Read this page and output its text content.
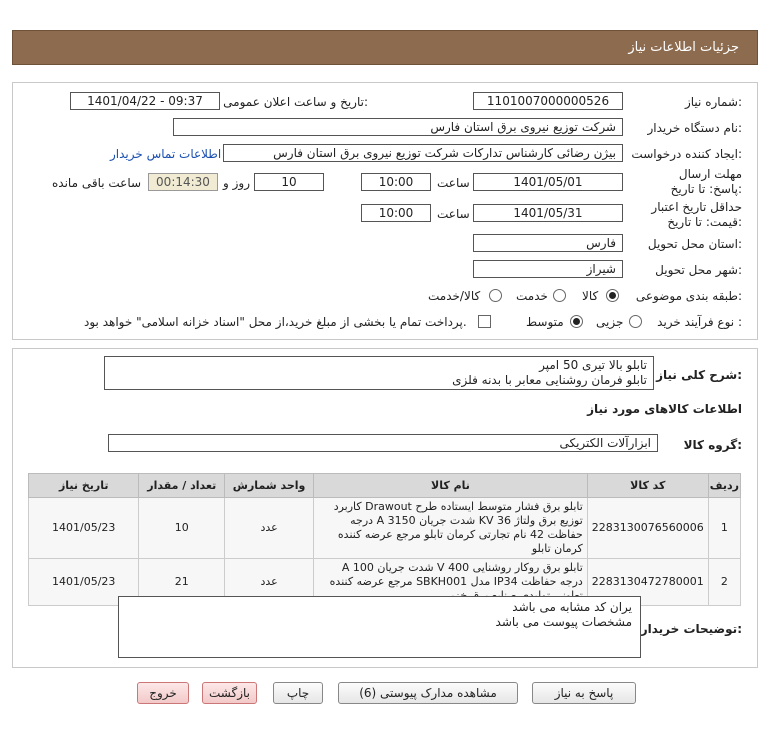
جزئیات اطلاعات نیاز
شماره نیاز:
1101007000000526
تاریخ و ساعت اعلان عمومی:
1401/04/22 - 09:37
نام دستگاه خریدار:
شرکت توزیع نیروی برق استان فارس
ایجاد کننده درخواست:
بیژن رضائی کارشناس تدارکات شرکت توزیع نیروی برق استان فارس
اطلاعات تماس خریدار
مهلت ارسال پاسخ: تا تاریخ:
1401/05/01
ساعت
10:00
10
روز و
00:14:30
ساعت باقی مانده
حداقل تاریخ اعتبار قیمت: تا تاریخ:
1401/05/31
ساعت
10:00
استان محل تحویل:
فارس
شهر محل تحویل:
شیراز
طبقه بندی موضوعی:
کالا
خدمت
کالا/خدمت
نوع فرآیند خرید :
جزیی
متوسط
پرداخت تمام یا بخشی از مبلغ خرید،از محل "اسناد خزانه اسلامی" خواهد بود.
شرح کلی نیاز:
تابلو بالا تیری 50 امپر
تابلو فرمان روشنایی معابر با بدنه فلزی
اطلاعات کالاهای مورد نیاز
گروه کالا:
ابزارآلات الکتریکی
ردیف	کد کالا	نام کالا	واحد شمارش	تعداد / مقدار	تاریخ نیاز
1	2283130076560006	تابلو برق فشار متوسط ایستاده طرح Drawout کاربرد توزیع برق ولتاژ KV 36 شدت جریان A 3150 درجه حفاظت 42 نام تجارتی کرمان تابلو مرجع عرضه کننده کرمان تابلو	عدد	10	1401/05/23
2	2283130472780001	تابلو برق روکار روشنایی V 400 شدت جریان A 100 درجه حفاظت IP34 مدل SBKH001 مرجع عرضه کننده	عدد	21	1401/05/23
توضیحات خریدار:
یران کد مشابه می باشد
مشخصات پیوست می باشد
پاسخ به نیاز
مشاهده مدارک پیوستی (6)
چاپ
بازگشت
خروج
